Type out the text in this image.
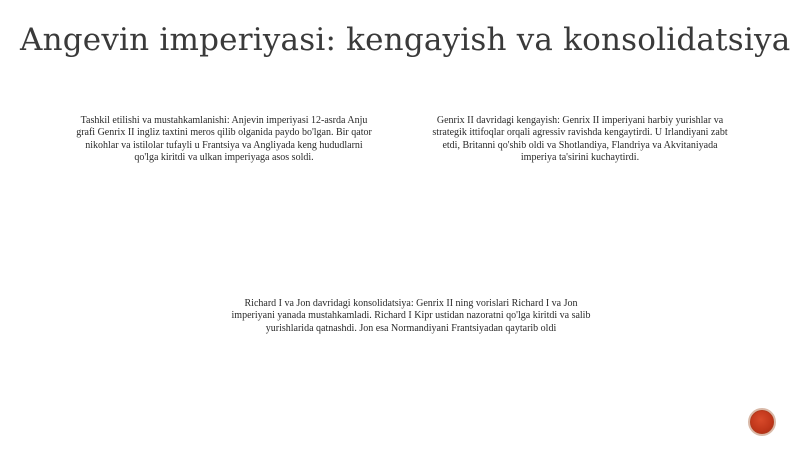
Angevin imperiyasi: kengayish va konsolidatsiya
Tashkil etilishi va mustahkamlanishi: Anjevin imperiyasi 12-asrda Anju grafi Genrix II ingliz taxtini meros qilib olganida paydo bo'lgan. Bir qator nikohlar va istilolar tufayli u Frantsiya va Angliyada keng hududlarni qo'lga kiritdi va ulkan imperiyaga asos soldi.
Genrix II davridagi kengayish: Genrix II imperiyani harbiy yurishlar va strategik ittifoqlar orqali agressiv ravishda kengaytirdi. U Irlandiyani zabt etdi, Britanni qo'shib oldi va Shotlandiya, Flandriya va Akvitaniyada imperiya ta'sirini kuchaytirdi.
Richard I va Jon davridagi konsolidatsiya: Genrix II ning vorislari Richard I va Jon imperiyani yanada mustahkamladi. Richard I Kipr ustidan nazoratni qo'lga kiritdi va salib yurishlarida qatnashdi. Jon esa Normandiyani Frantsiyadan qaytarib oldi
